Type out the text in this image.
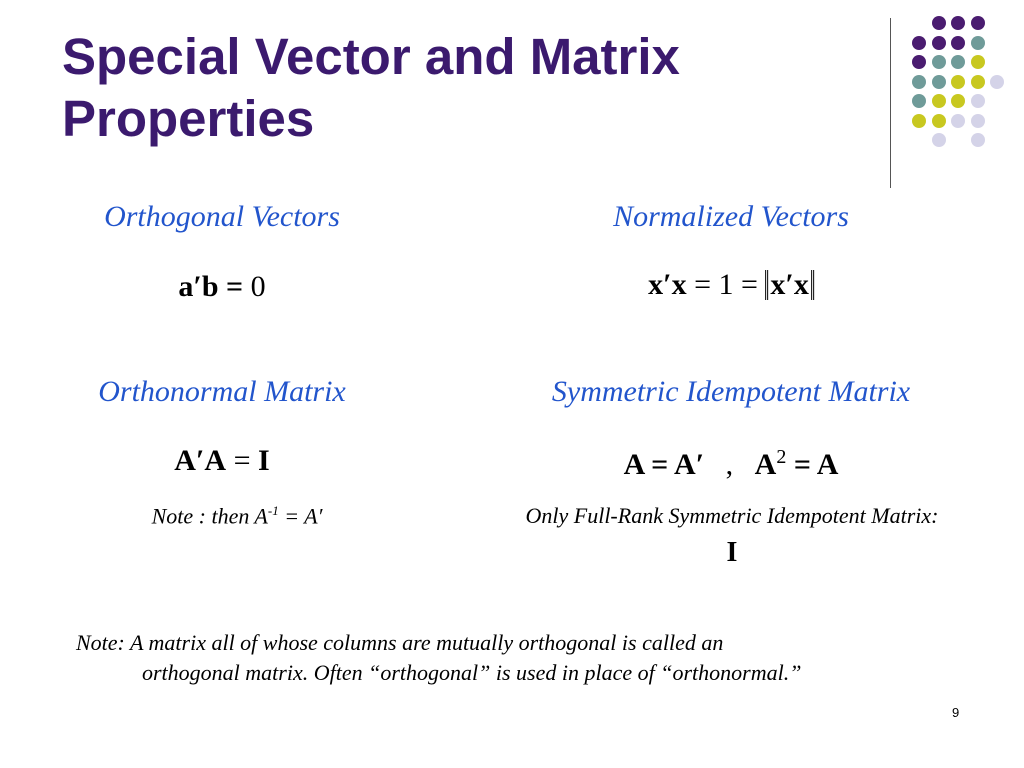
Special Vector and Matrix
Properties
Orthogonal Vectors
a′b = 0
Normalized Vectors
x′x = 1 = x′x
Orthonormal Matrix
A′A = I
Note : then $A^{-1} = A'$
Symmetric Idempotent Matrix
A = A′ , $A^2 = A$
Only Full-Rank Symmetric Idempotent Matrix:
I
Note: A matrix all of whose columns are mutually orthogonal is called an
orthogonal matrix. Often “orthogonal” is used in place of “orthonormal.”
9
